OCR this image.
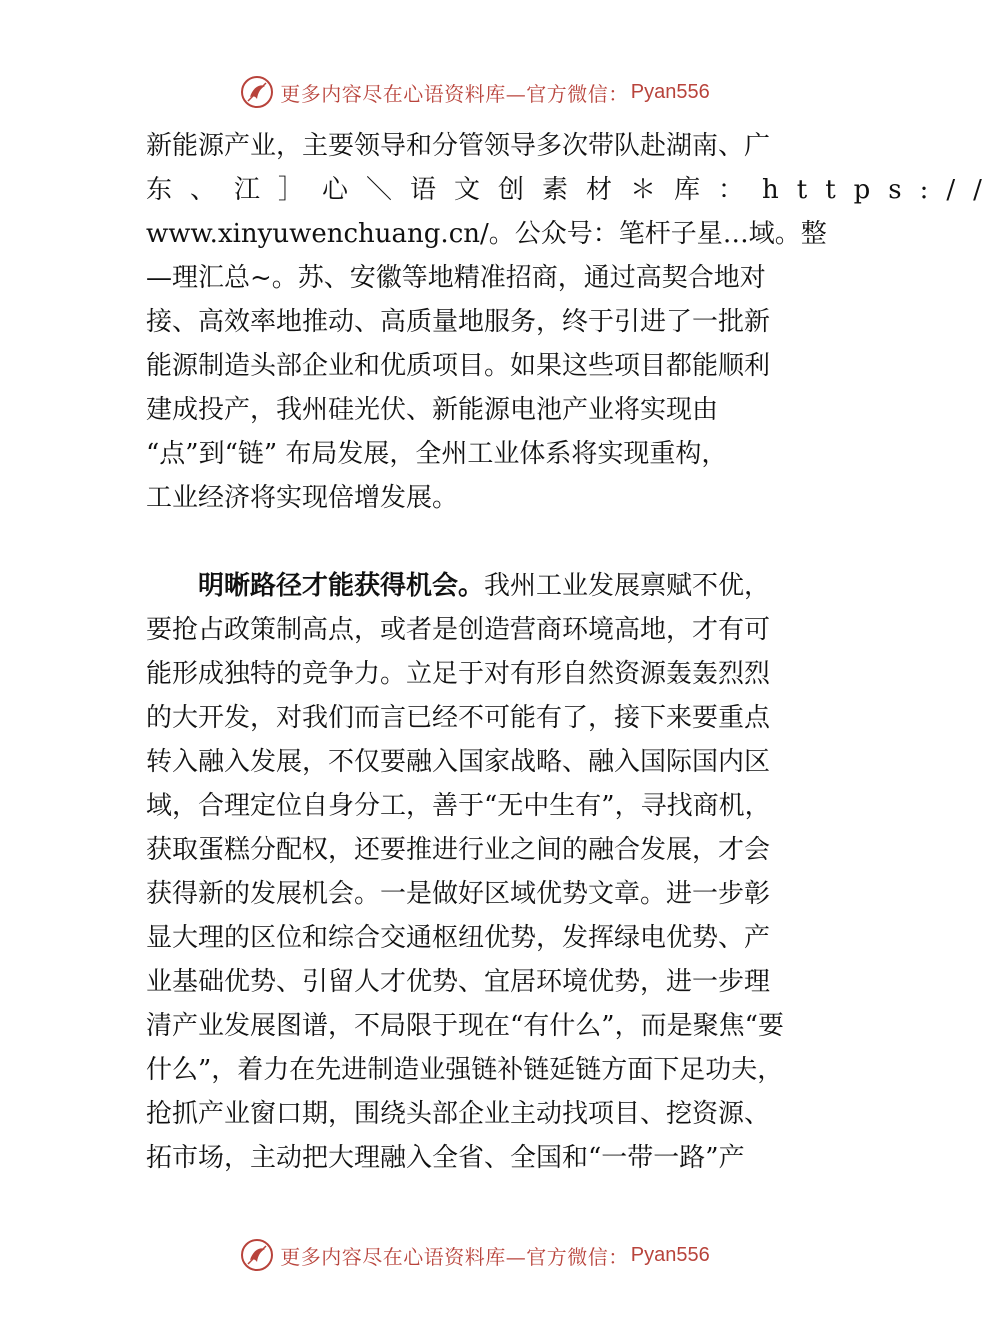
更多内容尽在心语资料库—官方微信： Pyan556
新能源产业，主要领导和分管领导多次带队赴湖南、广
东、江］心＼语文创素材＊库：https://
www.xinyuwenchuang.cn/。公众号：笔杆子星…域。整
—理汇总~。苏、安徽等地精准招商，通过高契合地对
接、高效率地推动、高质量地服务，终于引进了一批新
能源制造头部企业和优质项目。如果这些项目都能顺利
建成投产，我州硅光伏、新能源电池产业将实现由
“点”到“链” 布局发展，全州工业体系将实现重构，
工业经济将实现倍增发展。
明晰路径才能获得机会。 我州工业发展禀赋不优，
要抢占政策制高点，或者是创造营商环境高地，才有可
能形成独特的竞争力。立足于对有形自然资源轰轰烈烈
的大开发，对我们而言已经不可能有了，接下来要重点
转入融入发展，不仅要融入国家战略、融入国际国内区
域，合理定位自身分工，善于“无中生有”，寻找商机，
获取蛋糕分配权，还要推进行业之间的融合发展，才会
获得新的发展机会。一是做好区域优势文章。进一步彰
显大理的区位和综合交通枢纽优势，发挥绿电优势、产
业基础优势、引留人才优势、宜居环境优势，进一步理
清产业发展图谱，不局限于现在“有什么”，而是聚焦“要
什么”，着力在先进制造业强链补链延链方面下足功夫，
抢抓产业窗口期，围绕头部企业主动找项目、挖资源、
拓市场，主动把大理融入全省、全国和“一带一路”产
更多内容尽在心语资料库—官方微信： Pyan556
